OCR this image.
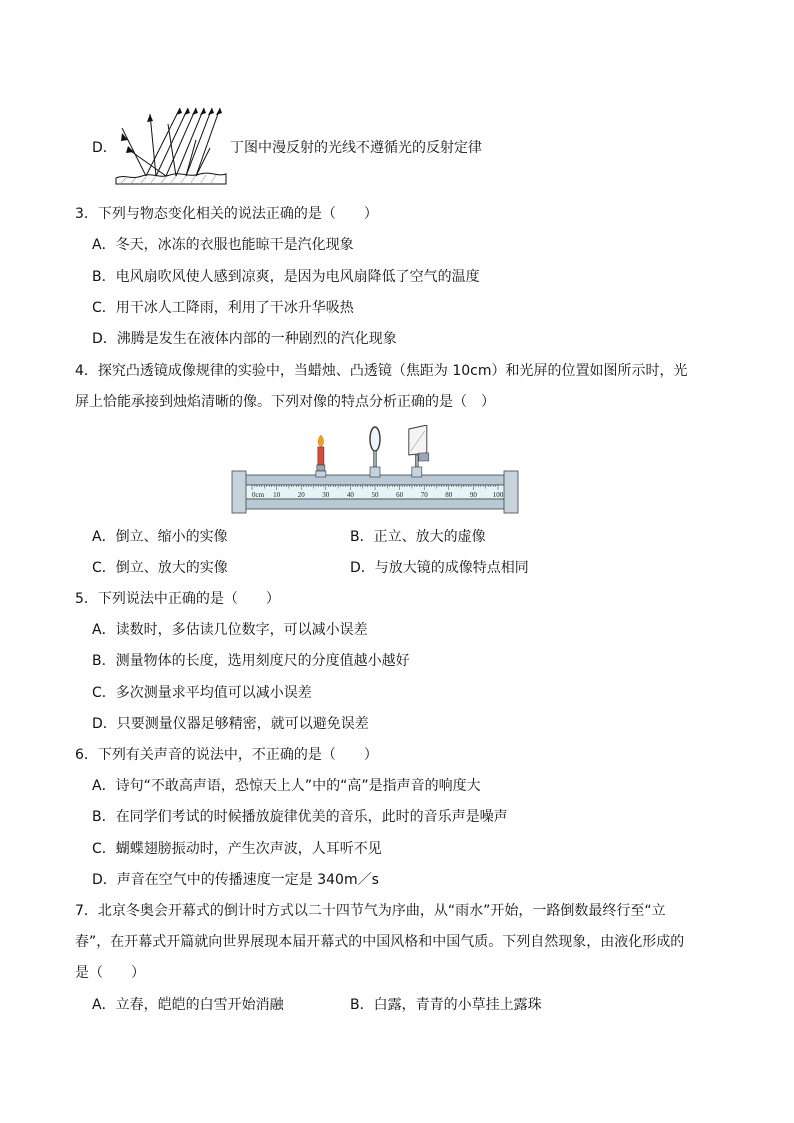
D．	丁图中漫反射的光线不遵循光的反射定律
3．下列与物态变化相关的说法正确的是（　　）
A．冬天，冰冻的衣服也能晾干是汽化现象
B．电风扇吹风使人感到凉爽，是因为电风扇降低了空气的温度
C．用干冰人工降雨，利用了干冰升华吸热
D．沸腾是发生在液体内部的一种剧烈的汽化现象
4．探究凸透镜成像规律的实验中，当蜡烛、凸透镜（焦距为 10cm）和光屏的位置如图所示时，光
屏上恰能承接到烛焰清晰的像。下列对像的特点分析正确的是（　）
0cm 10	20	30	40	50	60	70	80	90 100
A．倒立、缩小的实像	B．正立、放大的虚像
C．倒立、放大的实像	D．与放大镜的成像特点相同
5．下列说法中正确的是（　　）
A．读数时，多估读几位数字，可以减小误差
B．测量物体的长度，选用刻度尺的分度值越小越好
C．多次测量求平均值可以减小误差
D．只要测量仪器足够精密，就可以避免误差
6．下列有关声音的说法中，不正确的是（　　）
A．诗句“不敢高声语，恐惊天上人”中的“高”是指声音的响度大
B．在同学们考试的时候播放旋律优美的音乐，此时的音乐声是噪声
C．蝴蝶翅膀振动时，产生次声波，人耳听不见
D．声音在空气中的传播速度一定是 340m／s
7．北京冬奥会开幕式的倒计时方式以二十四节气为序曲，从“雨水”开始，一路倒数最终行至“立
春”，在开幕式开篇就向世界展现本届开幕式的中国风格和中国气质。下列自然现象，由液化形成的
是（　　）
A．立春，皑皑的白雪开始消融	B．白露，青青的小草挂上露珠
